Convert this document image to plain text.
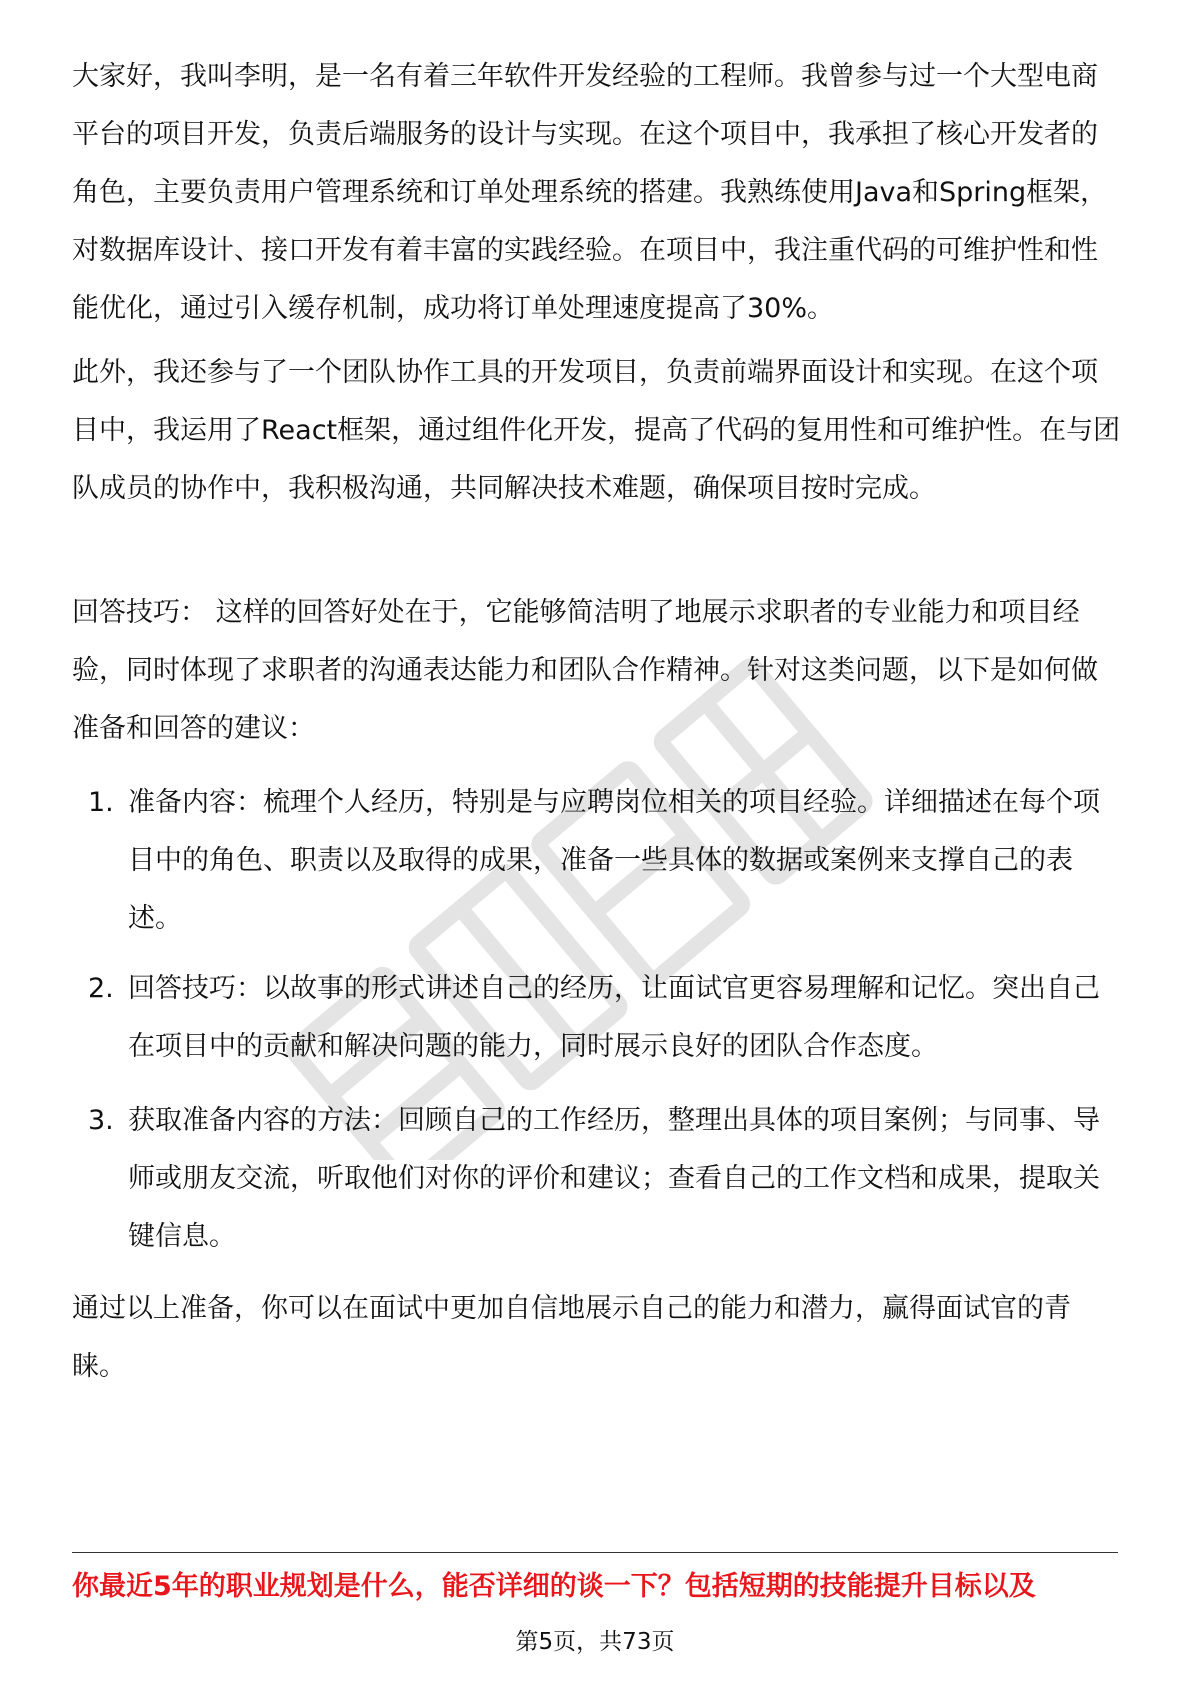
大家好，我叫李明，是一名有着三年软件开发经验的工程师。我曾参与过一个大型电商平台的项目开发，负责后端服务的设计与实现。在这个项目中，我承担了核心开发者的角色，主要负责用户管理系统和订单处理系统的搭建。我熟练使用Java和Spring框架，对数据库设计、接口开发有着丰富的实践经验。在项目中，我注重代码的可维护性和性能优化，通过引入缓存机制，成功将订单处理速度提高了30%。

此外，我还参与了一个团队协作工具的开发项目，负责前端界面设计和实现。在这个项目中，我运用了React框架，通过组件化开发，提高了代码的复用性和可维护性。在与团队成员的协作中，我积极沟通，共同解决技术难题，确保项目按时完成。

回答技巧： 这样的回答好处在于，它能够简洁明了地展示求职者的专业能力和项目经验，同时体现了求职者的沟通表达能力和团队合作精神。针对这类问题，以下是如何做准备和回答的建议：

1. 准备内容：梳理个人经历，特别是与应聘岗位相关的项目经验。详细描述在每个项目中的角色、职责以及取得的成果，准备一些具体的数据或案例来支撑自己的表述。
2. 回答技巧：以故事的形式讲述自己的经历，让面试官更容易理解和记忆。突出自己在项目中的贡献和解决问题的能力，同时展示良好的团队合作态度。
3. 获取准备内容的方法：回顾自己的工作经历，整理出具体的项目案例；与同事、导师或朋友交流，听取他们对你的评价和建议；查看自己的工作文档和成果，提取关键信息。

通过以上准备，你可以在面试中更加自信地展示自己的能力和潜力，赢得面试官的青睐。

你最近5年的职业规划是什么，能否详细的谈一下？包括短期的技能提升目标以及
第5页，共73页
